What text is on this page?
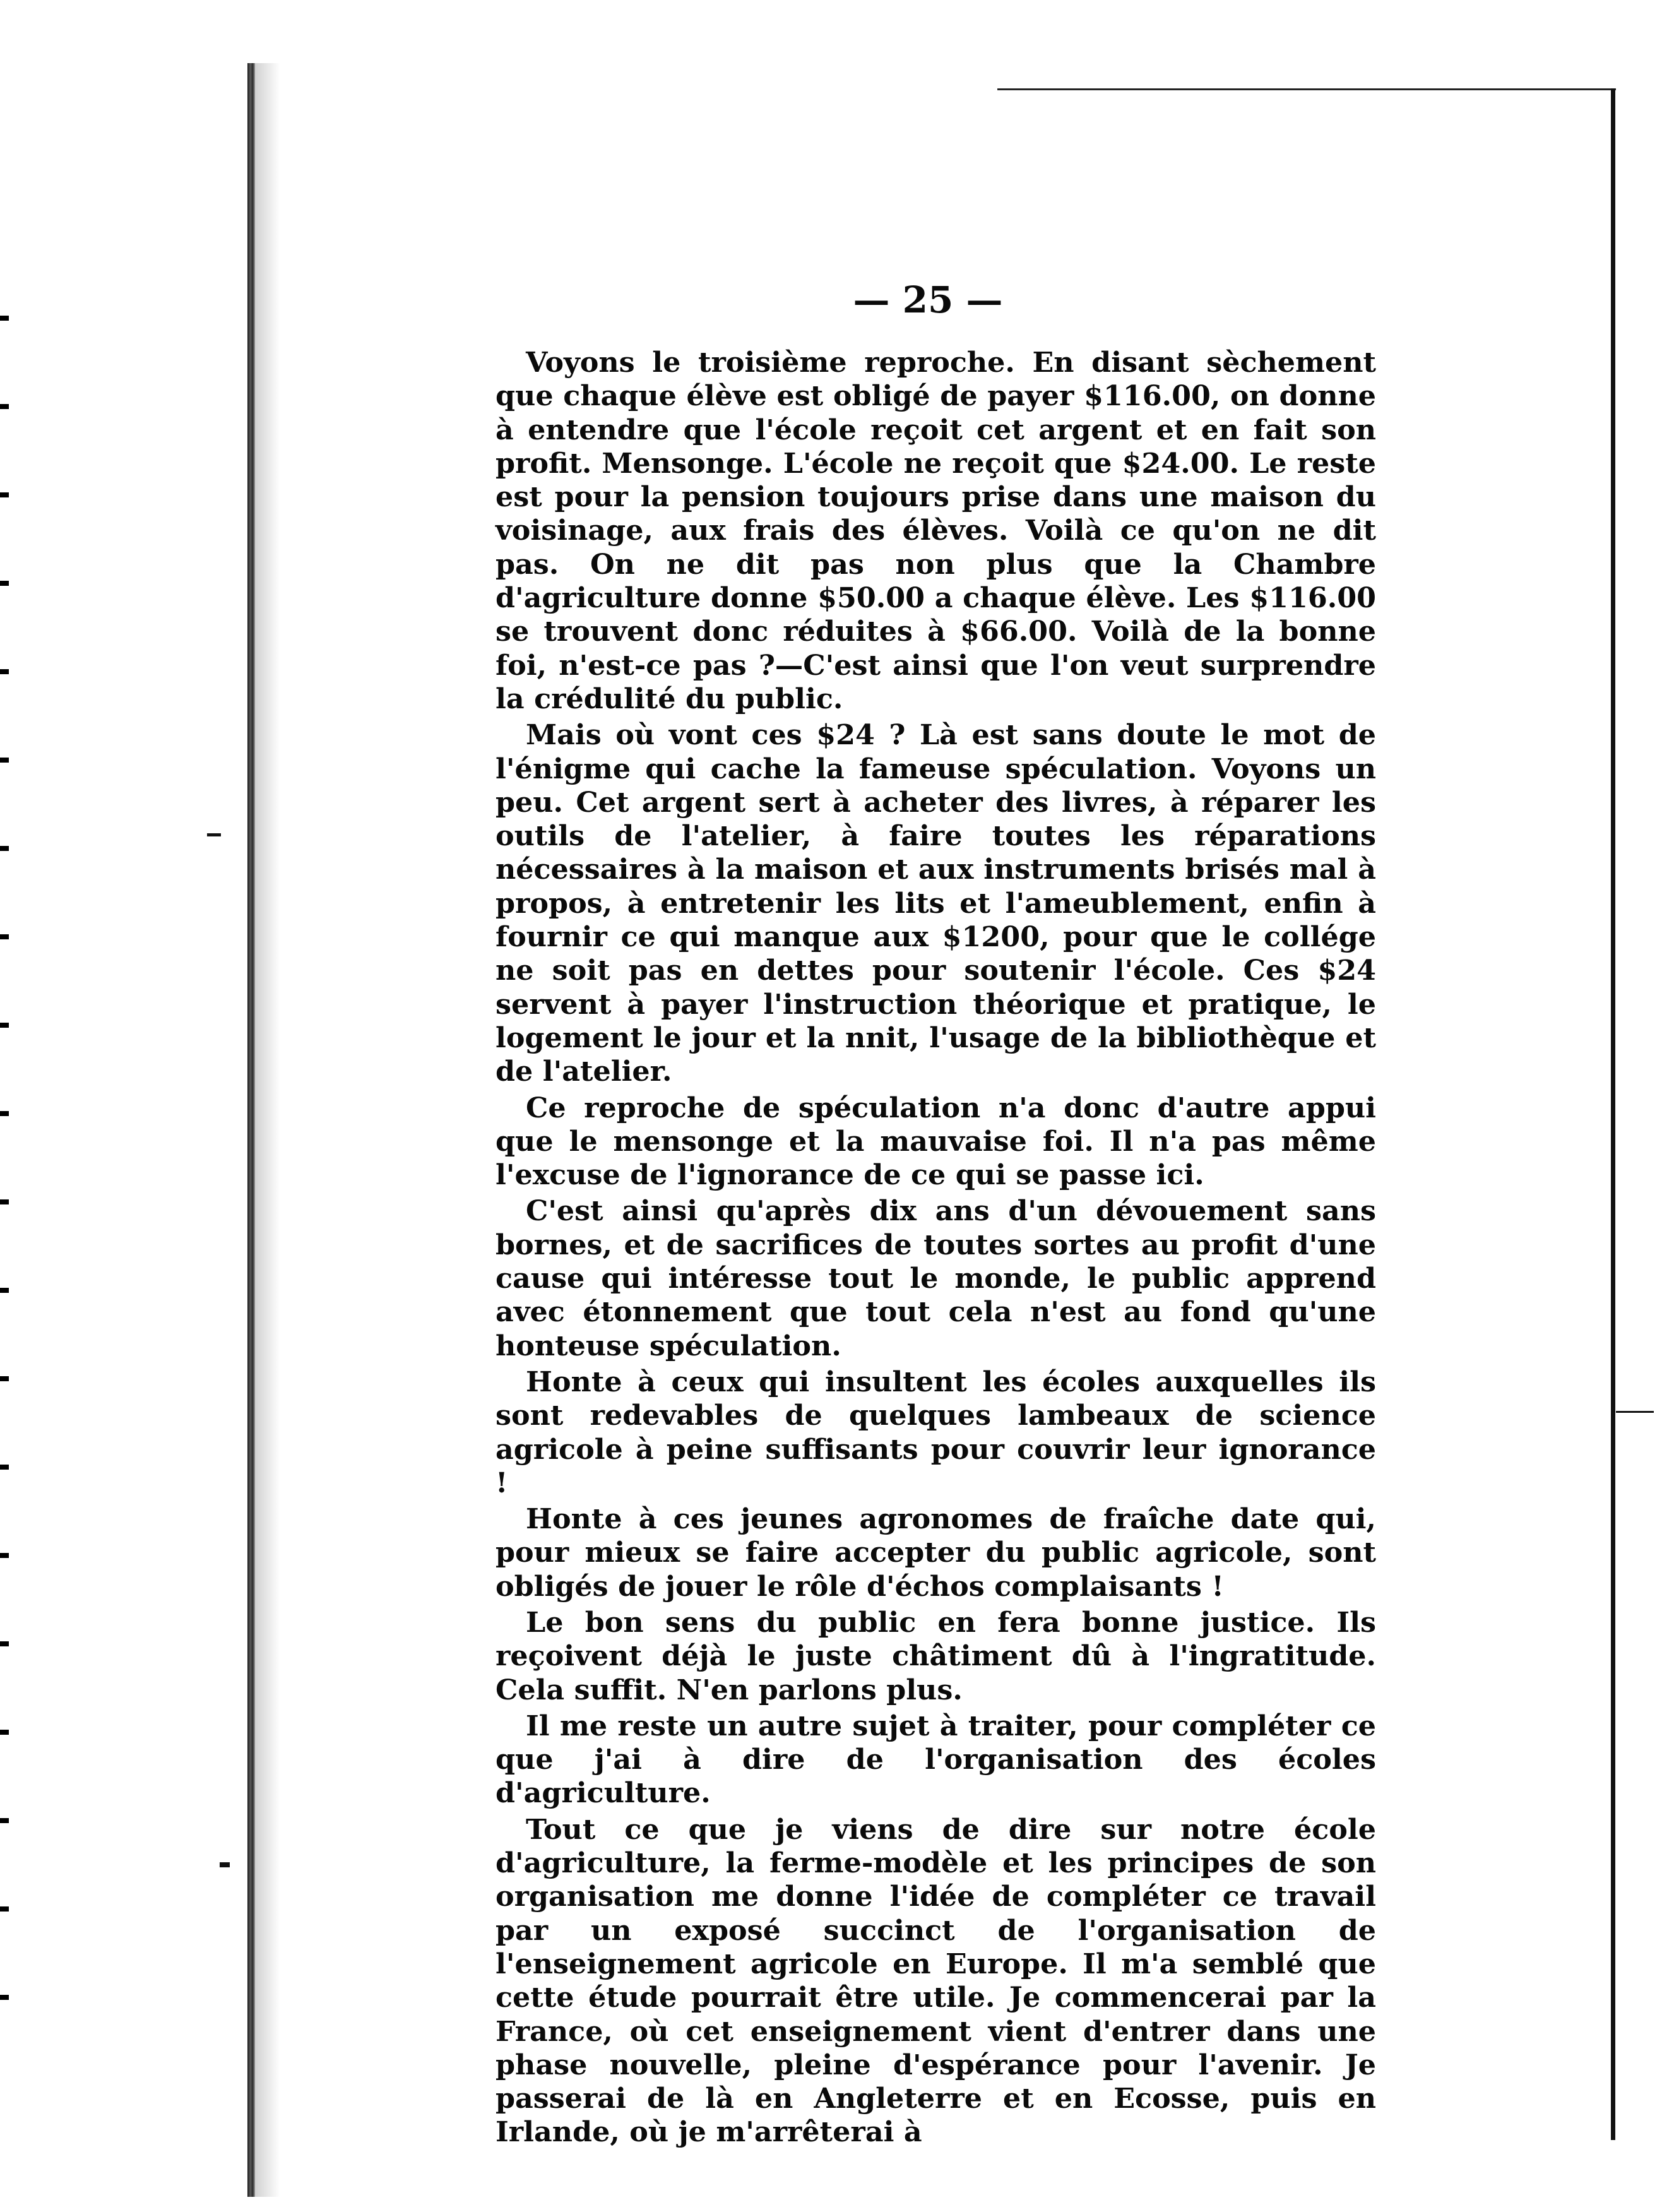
— 25 —

Voyons le troisième reproche. En disant sèchement que chaque élève est obligé de payer $116.00, on donne à entendre que l'école reçoit cet argent et en fait son profit. Mensonge. L'école ne reçoit que $24.00. Le reste est pour la pension toujours prise dans une maison du voisinage, aux frais des élèves. Voilà ce qu'on ne dit pas. On ne dit pas non plus que la Chambre d'agriculture donne $50.00 a chaque élève. Les $116.00 se trouvent donc réduites à $66.00. Voilà de la bonne foi, n'est-ce pas ?—C'est ainsi que l'on veut surprendre la crédulité du public.

Mais où vont ces $24 ? Là est sans doute le mot de l'énigme qui cache la fameuse spéculation. Voyons un peu. Cet argent sert à acheter des livres, à réparer les outils de l'atelier, à faire toutes les réparations nécessaires à la maison et aux instruments brisés mal à propos, à entretenir les lits et l'ameublement, enfin à fournir ce qui manque aux $1200, pour que le collége ne soit pas en dettes pour soutenir l'école. Ces $24 servent à payer l'instruction théorique et pratique, le logement le jour et la nnit, l'usage de la bibliothèque et de l'atelier.

Ce reproche de spéculation n'a donc d'autre appui que le mensonge et la mauvaise foi. Il n'a pas même l'excuse de l'ignorance de ce qui se passe ici.

C'est ainsi qu'après dix ans d'un dévouement sans bornes, et de sacrifices de toutes sortes au profit d'une cause qui intéresse tout le monde, le public apprend avec étonnement que tout cela n'est au fond qu'une honteuse spéculation.

Honte à ceux qui insultent les écoles auxquelles ils sont redevables de quelques lambeaux de science agricole à peine suffisants pour couvrir leur ignorance !

Honte à ces jeunes agronomes de fraîche date qui, pour mieux se faire accepter du public agricole, sont obligés de jouer le rôle d'échos complaisants !

Le bon sens du public en fera bonne justice. Ils reçoivent déjà le juste châtiment dû à l'ingratitude. Cela suffit. N'en parlons plus.

Il me reste un autre sujet à traiter, pour compléter ce que j'ai à dire de l'organisation des écoles d'agriculture.

Tout ce que je viens de dire sur notre école d'agriculture, la ferme-modèle et les principes de son organisation me donne l'idée de compléter ce travail par un exposé succinct de l'organisation de l'enseignement agricole en Europe. Il m'a semblé que cette étude pourrait être utile. Je commencerai par la France, où cet enseignement vient d'entrer dans une phase nouvelle, pleine d'espérance pour l'avenir. Je passerai de là en Angleterre et en Ecosse, puis en Irlande, où je m'arrêterai à
